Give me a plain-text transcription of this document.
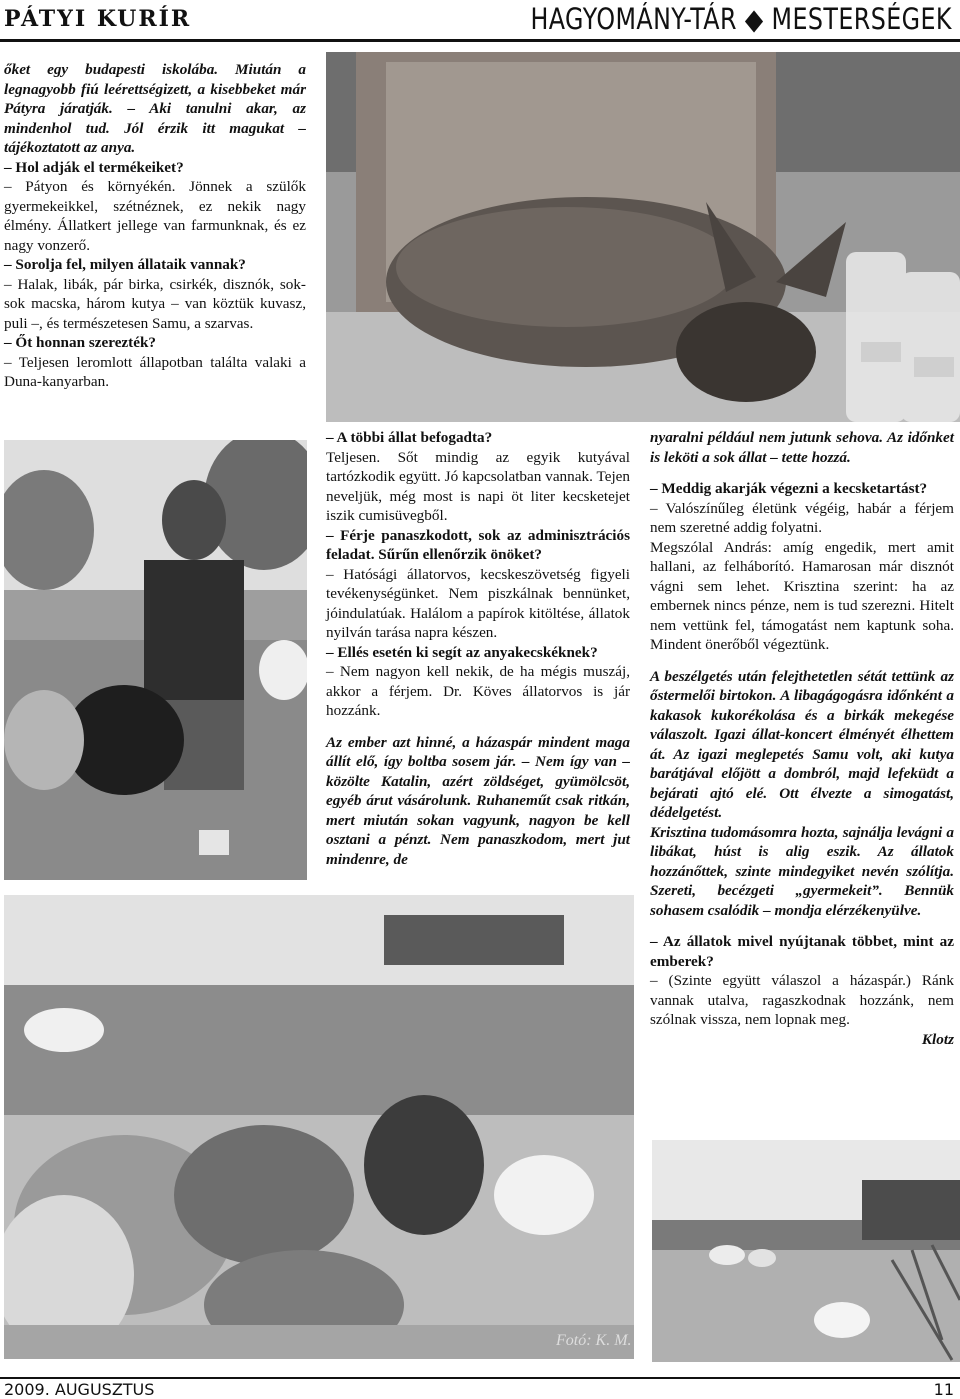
PÁTYI KURÍR	HAGYOMÁNY-TÁR ◆ MESTERSÉGEK

őket egy budapesti iskolába. Miután a legnagyobb fiú leérettségizett, a kisebbeket már Pátyra járatják. – Aki tanulni akar, az mindenhol tud. Jól érzik itt magukat – tájékoztatott az anya.

– Hol adják el termékeiket?

– Pátyon és környékén. Jönnek a szülők gyermekeikkel, szétnéznek, ez nekik nagy élmény. Állatkert jellege van farmunknak, és ez nagy vonzerő.

– Sorolja fel, milyen állataik vannak?

– Halak, libák, pár birka, csirkék, disznók, sok-sok macska, három kutya – van köztük kuvasz, puli –, és természetesen Samu, a szarvas.

– Őt honnan szerezték?

– Teljesen leromlott állapotban találta valaki a Duna-kanyarban.

– A többi állat befogadta?

Teljesen. Sőt mindig az egyik kutyával tartózkodik együtt. Jó kapcsolatban vannak. Tejen neveljük, még most is napi öt liter kecsketejet iszik cumisüvegből.

– Férje panaszkodott, sok az adminisztrációs feladat. Sűrűn ellenőrzik önöket?

– Hatósági állatorvos, kecskeszövetség figyeli tevékenységünket. Nem piszkálnak bennünket, jóindulatúak. Halálom a papírok kitöltése, állatok nyilván tarása napra készen.

– Ellés esetén ki segít az anyakecskéknek?

– Nem nagyon kell nekik, de ha mégis muszáj, akkor a férjem. Dr. Köves állatorvos is jár hozzánk.

Az ember azt hinné, a házaspár mindent maga állít elő, így boltba sosem jár. – Nem így van – közölte Katalin, azért zöldséget, gyümölcsöt, egyéb árut vásárolunk. Ruhaneműt csak ritkán, mert miután sokan vagyunk, nagyon be kell osztani a pénzt. Nem panaszkodom, mert jut mindenre, de

nyaralni például nem jutunk sehova. Az időnket is leköti a sok állat – tette hozzá.

– Meddig akarják végezni a kecsketartást?

– Valószínűleg életünk végéig, habár a férjem nem szeretné addig folyatni.

Megszólal András: amíg engedik, mert amit hallani, az felháborító. Hamarosan már disznót vágni sem lehet. Krisztina szerint: ha az embernek nincs pénze, nem is tud szerezni. Hitelt nem vettünk fel, támogatást nem kaptunk soha. Mindent önerőből végeztünk.

A beszélgetés után felejthetetlen sétát tettünk az őstermelői birtokon. A libagágogásra időnként a kakasok kukorékolása és a birkák mekegése válaszolt. Igazi állat-koncert élményét élhettem át. Az igazi meglepetés Samu volt, aki kutya barátjával előjött a dombról, majd lefeküdt a bejárati ajtó elé. Ott élvezte a simogatást, dédelgetést.

Krisztina tudomásomra hozta, sajnálja levágni a libákat, húst is alig eszik. Az állatok hozzánőttek, szinte mindegyiket nevén szólítja. Szereti, becézgeti „gyermekeit”. Bennük sohasem csalódik – mondja elérzékenyülve.

– Az állatok mivel nyújtanak többet, mint az emberek?

– (Szinte együtt válaszol a házaspár.) Ránk vannak utalva, ragaszkodnak hozzánk, nem szólnak vissza, nem lopnak meg.

Klotz

Fotó: K. M.
2009. AUGUSZTUS	11
